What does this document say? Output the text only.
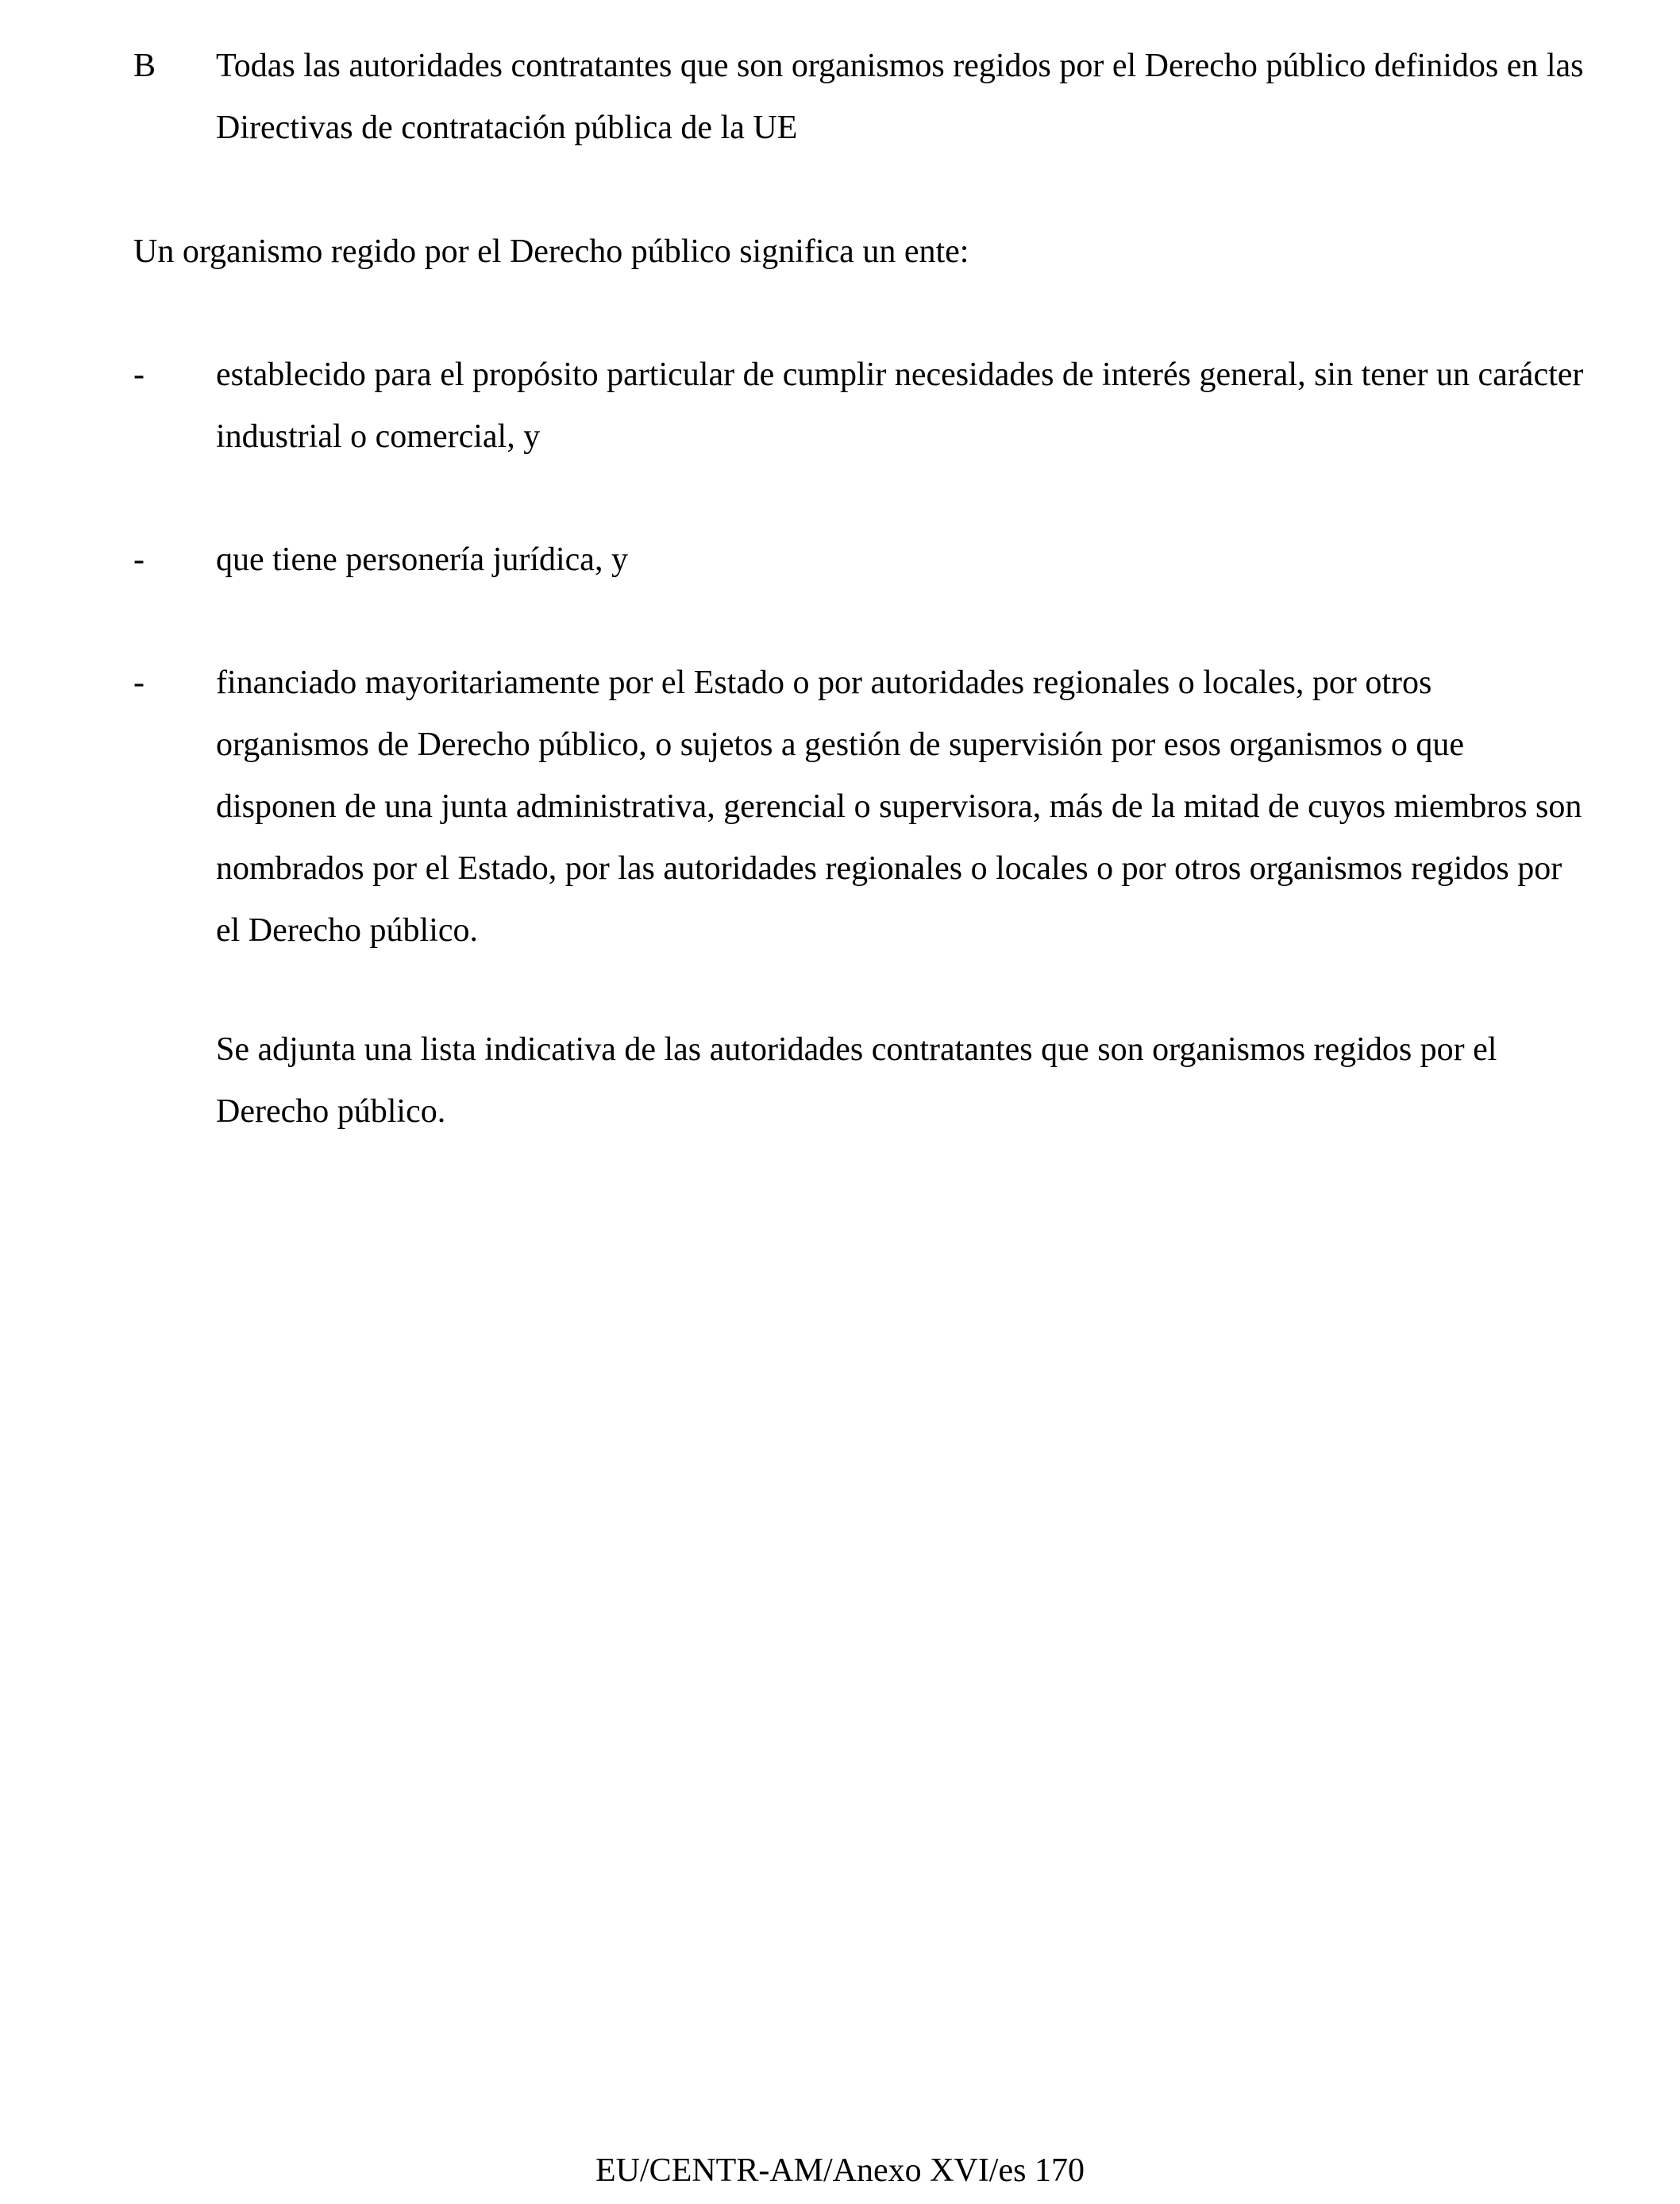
B Todas las autoridades contratantes que son organismos regidos por el Derecho público definidos en las Directivas de contratación pública de la UE

Un organismo regido por el Derecho público significa un ente:

- establecido para el propósito particular de cumplir necesidades de interés general, sin tener un carácter industrial o comercial, y

- que tiene personería jurídica, y

- financiado mayoritariamente por el Estado o por autoridades regionales o locales, por otros organismos de Derecho público, o sujetos a gestión de supervisión por esos organismos o que disponen de una junta administrativa, gerencial o supervisora, más de la mitad de cuyos miembros son nombrados por el Estado, por las autoridades regionales o locales o por otros organismos regidos por el Derecho público.

Se adjunta una lista indicativa de las autoridades contratantes que son organismos regidos por el Derecho público.

EU/CENTR-AM/Anexo XVI/es 170
